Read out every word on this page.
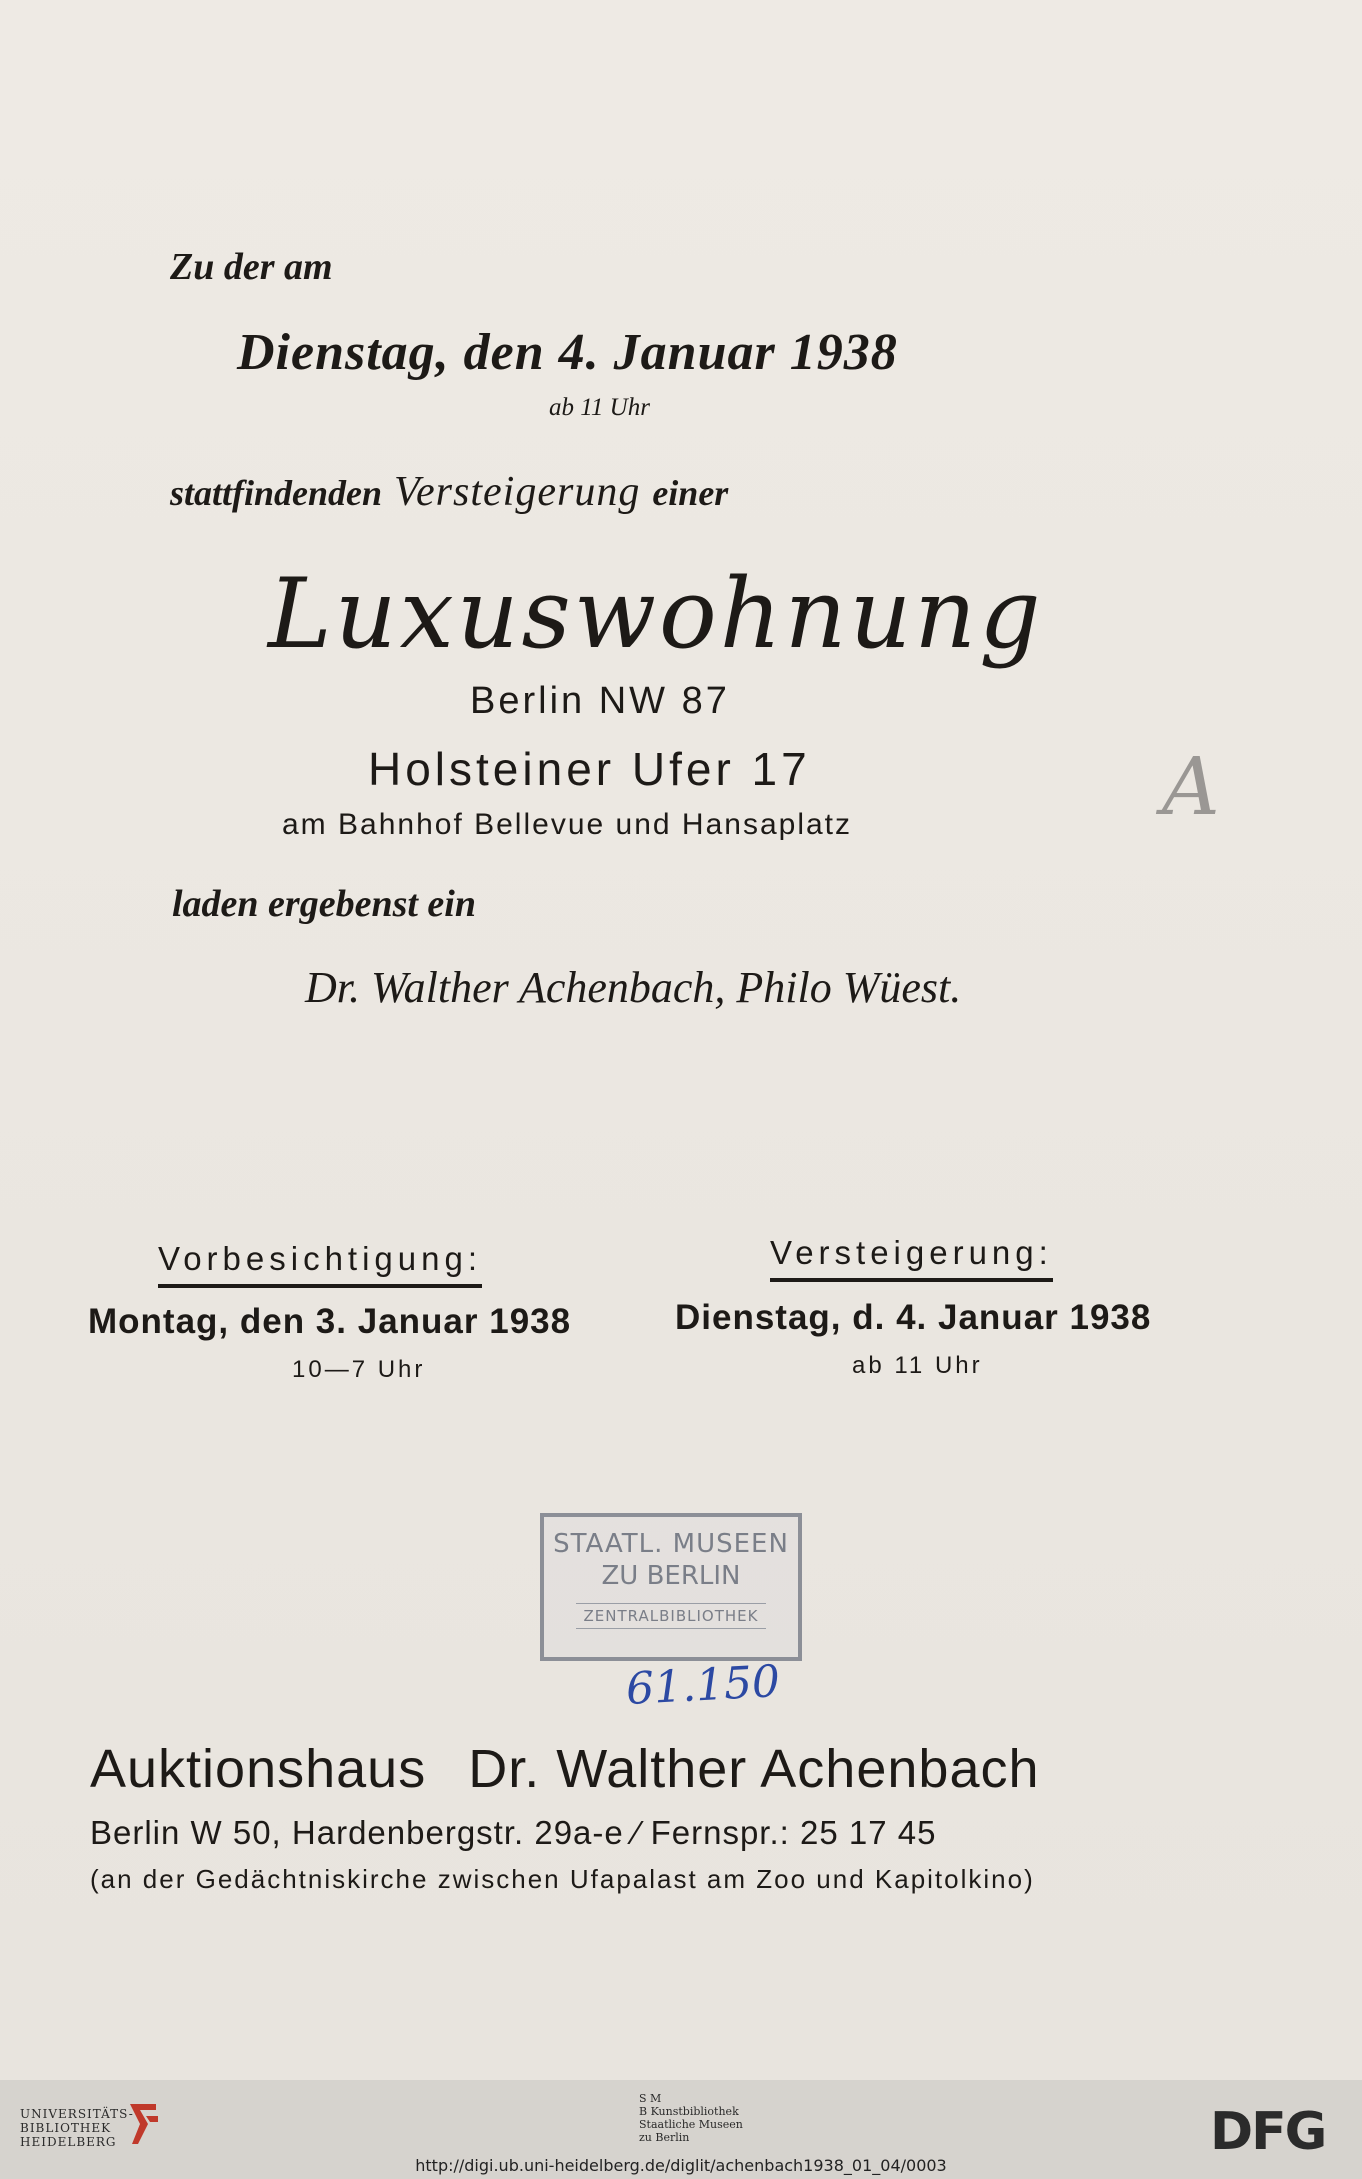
Zu der am
Dienstag, den 4. Januar 1938
ab 11 Uhr
stattfindenden Versteigerung einer
Luxuswohnung
Berlin NW 87
Holsteiner Ufer 17
am Bahnhof Bellevue und Hansaplatz
laden ergebenst ein
Dr. Walther Achenbach, Philo Wüest.
A
Vorbesichtigung:	Versteigerung:
Montag, den 3. Januar 1938
10—7 Uhr
Dienstag, d. 4. Januar 1938
ab 11 Uhr
STAATL. MUSEEN
ZU BERLIN
ZENTRALBIBLIOTHEK
61.150
Auktionshaus Dr. Walther Achenbach
Berlin W 50, Hardenbergstr. 29a-e ⁄ Fernspr.: 25 17 45
(an der Gedächtniskirche zwischen Ufapalast am Zoo und Kapitolkino)
UNIVERSITÄTS-
BIBLIOTHEK
HEIDELBERG
S M
B Kunstbibliothek
Staatliche Museen
zu Berlin	DFG
http://digi.ub.uni-heidelberg.de/diglit/achenbach1938_01_04/0003
